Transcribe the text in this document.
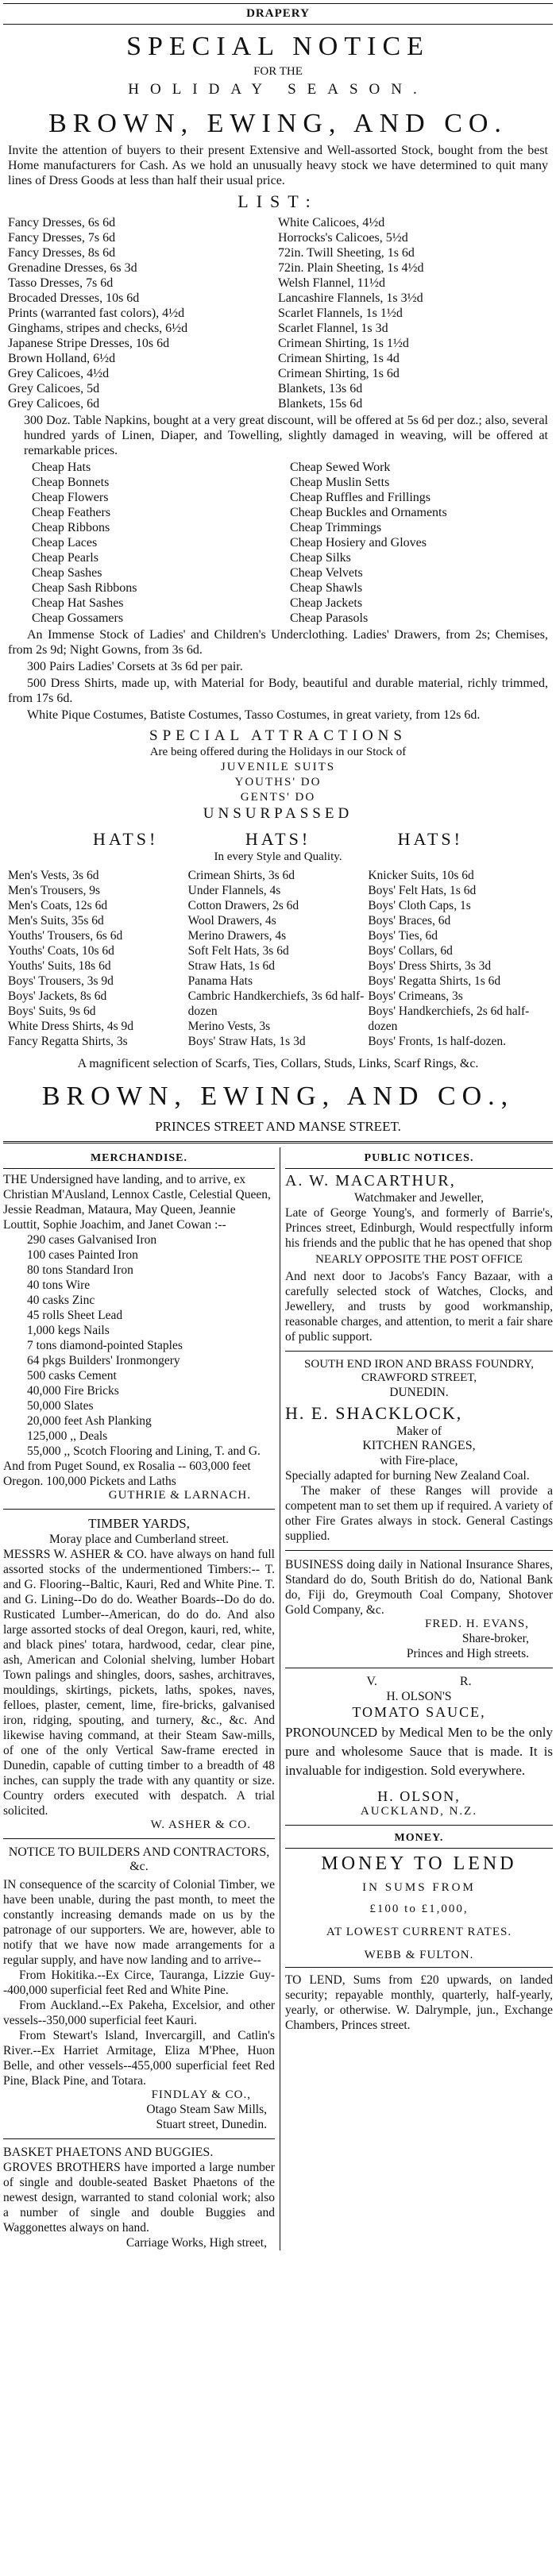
DRAPERY
SPECIAL NOTICE
FOR THE
HOLIDAY SEASON.
BROWN, EWING, AND CO.
Invite the attention of buyers to their present Extensive and Well-assorted Stock, bought from the best Home manufacturers for Cash. As we hold an unusually heavy stock we have determined to quit many lines of Dress Goods at less than half their usual price.
LIST:
Fancy Dresses, 6s 6d
Fancy Dresses, 7s 6d
Fancy Dresses, 8s 6d
Grenadine Dresses, 6s 3d
Tasso Dresses, 7s 6d
Brocaded Dresses, 10s 6d
Prints (warranted fast colors), 4½d
Ginghams, stripes and checks, 6½d
Japanese Stripe Dresses, 10s 6d
Brown Holland, 6½d
Grey Calicoes, 4½d
Grey Calicoes, 5d
Grey Calicoes, 6d
White Calicoes, 4½d
Horrocks's Calicoes, 5½d
72in. Twill Sheeting, 1s 6d
72in. Plain Sheeting, 1s 4½d
Welsh Flannel, 11½d
Lancashire Flannels, 1s 3½d
Scarlet Flannels, 1s 1½d
Scarlet Flannel, 1s 3d
Crimean Shirting, 1s 1½d
Crimean Shirting, 1s 4d
Crimean Shirting, 1s 6d
Blankets, 13s 6d
Blankets, 15s 6d
300 Doz. Table Napkins, bought at a very great discount, will be offered at 5s 6d per doz.; also, several hundred yards of Linen, Diaper, and Towelling, slightly damaged in weaving, will be offered at remarkable prices.
Cheap Hats
Cheap Bonnets
Cheap Flowers
Cheap Feathers
Cheap Ribbons
Cheap Laces
Cheap Pearls
Cheap Sashes
Cheap Sash Ribbons
Cheap Hat Sashes
Cheap Gossamers
Cheap Sewed Work
Cheap Muslin Setts
Cheap Ruffles and Frillings
Cheap Buckles and Ornaments
Cheap Trimmings
Cheap Hosiery and Gloves
Cheap Silks
Cheap Velvets
Cheap Shawls
Cheap Jackets
Cheap Parasols
An Immense Stock of Ladies' and Children's Underclothing. Ladies' Drawers, from 2s; Chemises, from 2s 9d; Night Gowns, from 3s 6d.
300 Pairs Ladies' Corsets at 3s 6d per pair.
500 Dress Shirts, made up, with Material for Body, beautiful and durable material, richly trimmed, from 17s 6d.
White Pique Costumes, Batiste Costumes, Tasso Costumes, in great variety, from 12s 6d.
SPECIAL ATTRACTIONS
Are being offered during the Holidays in our Stock of
JUVENILE SUITS
YOUTHS' DO
GENTS' DO
UNSURPASSED
HATS! HATS! HATS!
In every Style and Quality.
Men's Vests, 3s 6d
Men's Trousers, 9s
Men's Coats, 12s 6d
Men's Suits, 35s 6d
Youths' Trousers, 6s 6d
Youths' Coats, 10s 6d
Youths' Suits, 18s 6d
Boys' Trousers, 3s 9d
Boys' Jackets, 8s 6d
Boys' Suits, 9s 6d
White Dress Shirts, 4s 9d
Fancy Regatta Shirts, 3s
Crimean Shirts, 3s 6d
Under Flannels, 4s
Cotton Drawers, 2s 6d
Wool Drawers, 4s
Merino Drawers, 4s
Soft Felt Hats, 3s 6d
Straw Hats, 1s 6d
Panama Hats
Cambric Handkerchiefs, 3s 6d half-dozen
Merino Vests, 3s
Boys' Straw Hats, 1s 3d
Knicker Suits, 10s 6d
Boys' Felt Hats, 1s 6d
Boys' Cloth Caps, 1s
Boys' Braces, 6d
Boys' Ties, 6d
Boys' Collars, 6d
Boys' Dress Shirts, 3s 3d
Boys' Regatta Shirts, 1s 6d
Boys' Crimeans, 3s
Boys' Handkerchiefs, 2s 6d half-dozen
Boys' Fronts, 1s half-dozen.
A magnificent selection of Scarfs, Ties, Collars, Studs, Links, Scarf Rings, &c.
BROWN, EWING, AND CO.,
PRINCES STREET AND MANSE STREET.
MERCHANDISE.
THE Undersigned have landing, and to arrive, ex Christian M'Ausland, Lennox Castle, Celestial Queen, Jessie Readman, Mataura, May Queen, Jeannie Louttit, Sophie Joachim, and Janet Cowan :--
290 cases Galvanised Iron
100 cases Painted Iron
80 tons Standard Iron
40 tons Wire
40 casks Zinc
45 rolls Sheet Lead
1,000 kegs Nails
7 tons diamond-pointed Staples
64 pkgs Builders' Ironmongery
500 casks Cement
40,000 Fire Bricks
50,000 Slates
20,000 feet Ash Planking
125,000 ,, Deals
55,000 ,, Scotch Flooring and Lining, T. and G.
And from Puget Sound, ex Rosalia -- 603,000 feet Oregon. 100,000 Pickets and Laths
GUTHRIE & LARNACH.
TIMBER YARDS,
Moray place and Cumberland street.
MESSRS W. ASHER & CO. have always on hand full assorted stocks of the undermentioned Timbers:-- T. and G. Flooring--Baltic, Kauri, Red and White Pine. T. and G. Lining--Do do do. Weather Boards--Do do do. Rusticated Lumber--American, do do do. And also large assorted stocks of deal Oregon, kauri, red, white, and black pines' totara, hardwood, cedar, clear pine, ash, American and Colonial shelving, lumber Hobart Town palings and shingles, doors, sashes, architraves, mouldings, skirtings, pickets, laths, spokes, naves, felloes, plaster, cement, lime, fire-bricks, galvanised iron, ridging, spouting, and turnery, &c., &c. And likewise having command, at their Steam Saw-mills, of one of the only Vertical Saw-frame erected in Dunedin, capable of cutting timber to a breadth of 48 inches, can supply the trade with any quantity or size. Country orders executed with despatch. A trial solicited.
W. ASHER & CO.
NOTICE TO BUILDERS AND CONTRACTORS, &c.
IN consequence of the scarcity of Colonial Timber, we have been unable, during the past month, to meet the constantly increasing demands made on us by the patronage of our supporters. We are, however, able to notify that we have now made arrangements for a regular supply, and have now landing and to arrive--
From Hokitika.--Ex Circe, Tauranga, Lizzie Guy--400,000 superficial feet Red and White Pine.
From Auckland.--Ex Pakeha, Excelsior, and other vessels--350,000 superficial feet Kauri.
From Stewart's Island, Invercargill, and Catlin's River.--Ex Harriet Armitage, Eliza M'Phee, Huon Belle, and other vessels--455,000 superficial feet Red Pine, Black Pine, and Totara.
FINDLAY & CO.,
Otago Steam Saw Mills,
Stuart street, Dunedin.
BASKET PHAETONS AND BUGGIES.
GROVES BROTHERS have imported a large number of single and double-seated Basket Phaetons of the newest design, warranted to stand colonial work; also a number of single and double Buggies and Waggonettes always on hand.
Carriage Works, High street,
PUBLIC NOTICES.
A. W. MACARTHUR,
Watchmaker and Jeweller,
Late of George Young's, and formerly of Barrie's, Princes street, Edinburgh, Would respectfully inform his friends and the public that he has opened that shop
NEARLY OPPOSITE THE POST OFFICE
And next door to Jacobs's Fancy Bazaar, with a carefully selected stock of Watches, Clocks, and Jewellery, and trusts by good workmanship, reasonable charges, and attention, to merit a fair share of public support.
SOUTH END IRON AND BRASS FOUNDRY,
CRAWFORD STREET,
DUNEDIN.
H. E. SHACKLOCK,
Maker of
KITCHEN RANGES,
with Fire-place,
Specially adapted for burning New Zealand Coal.
The maker of these Ranges will provide a competent man to set them up if required. A variety of other Fire Grates always in stock. General Castings supplied.
BUSINESS doing daily in National Insurance Shares, Standard do do, South British do do, National Bank do, Fiji do, Greymouth Coal Company, Shotover Gold Company, &c.
FRED. H. EVANS,
Share-broker,
Princes and High streets.
V. R.
H. OLSON'S
TOMATO SAUCE,
PRONOUNCED by Medical Men to be the only pure and wholesome Sauce that is made. It is invaluable for indigestion. Sold everywhere.
H. OLSON,
AUCKLAND, N.Z.
MONEY.
MONEY TO LEND
IN SUMS FROM
£100 to £1,000,
AT LOWEST CURRENT RATES.
WEBB & FULTON.
TO LEND, Sums from £20 upwards, on landed security; repayable monthly, quarterly, half-yearly, yearly, or otherwise. W. Dalrymple, jun., Exchange Chambers, Princes street.
